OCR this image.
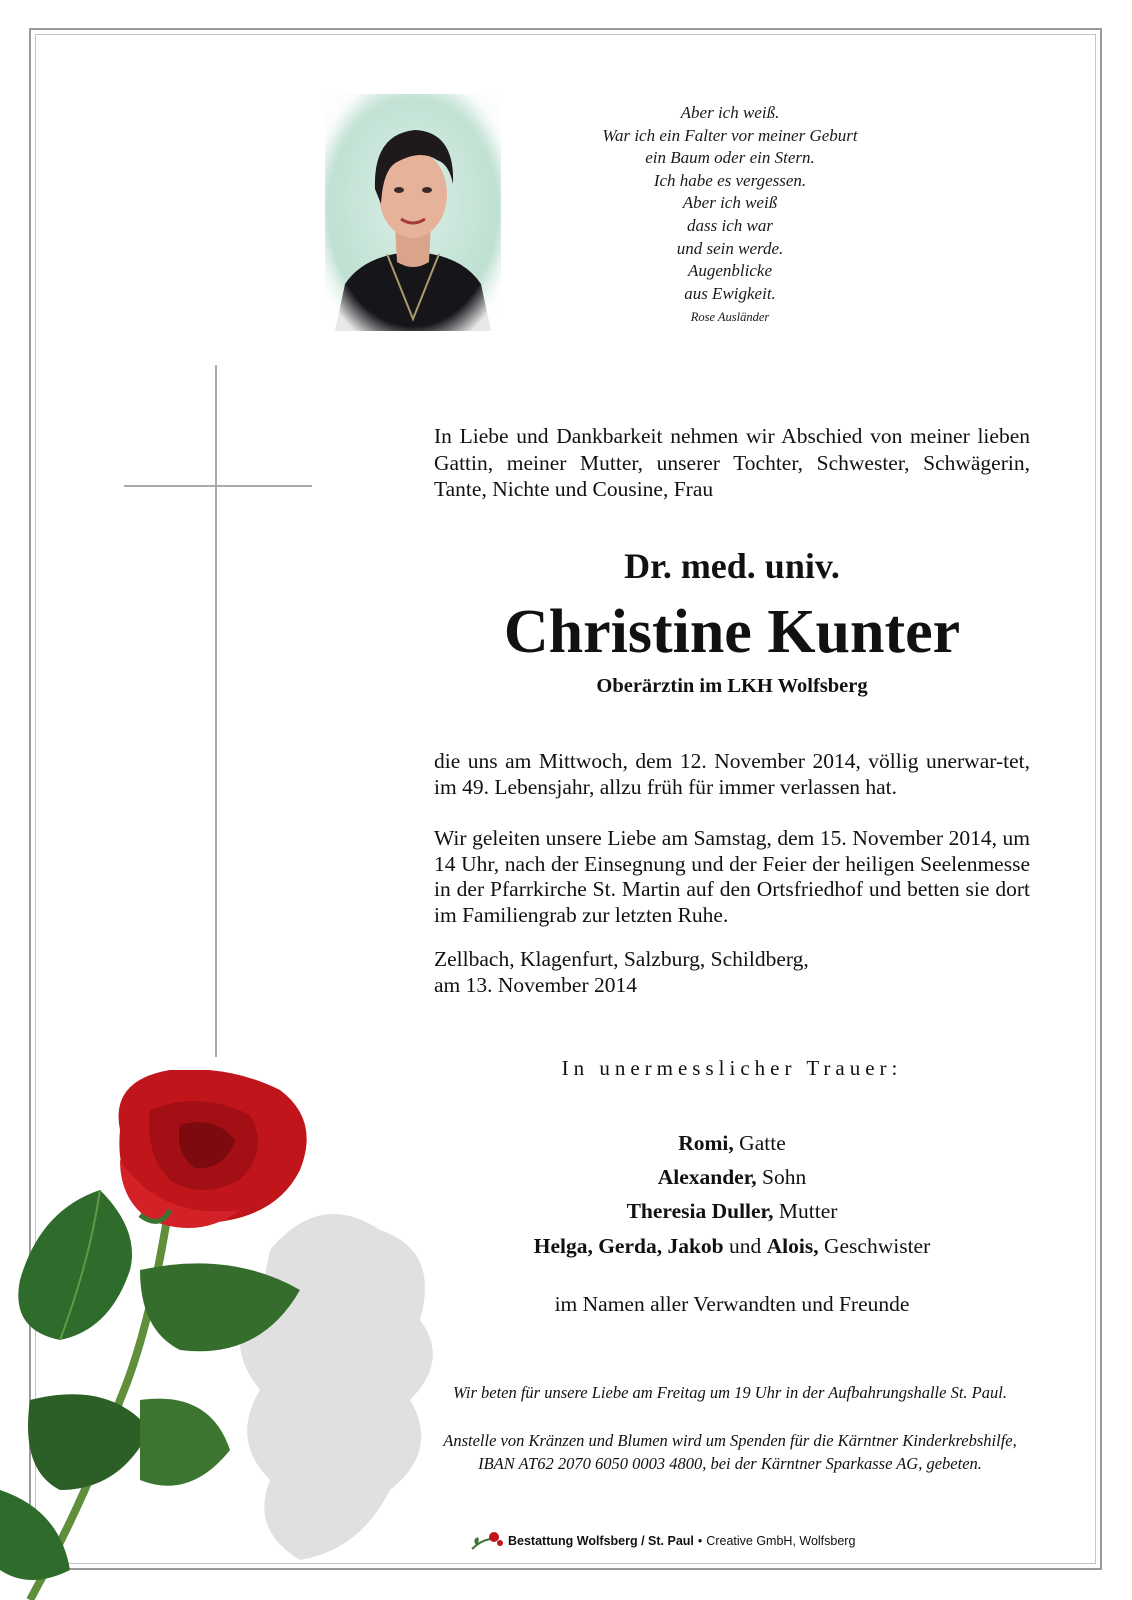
Aber ich weiß.
War ich ein Falter vor meiner Geburt
ein Baum oder ein Stern.
Ich habe es vergessen.
Aber ich weiß
dass ich war
und sein werde.
Augenblicke
aus Ewigkeit.
Rose Ausländer
In Liebe und Dankbarkeit nehmen wir Abschied von meiner lieben Gattin, meiner Mutter, unserer Tochter, Schwester, Schwägerin, Tante, Nichte und Cousine, Frau
Dr. med. univ.
Christine Kunter
Oberärztin im LKH Wolfsberg
die uns am Mittwoch, dem 12. November 2014, völlig unerwar-tet, im 49. Lebensjahr, allzu früh für immer verlassen hat.
Wir geleiten unsere Liebe am Samstag, dem 15. November 2014, um 14 Uhr, nach der Einsegnung und der Feier der heiligen Seelenmesse in der Pfarrkirche St. Martin auf den Ortsfriedhof und betten sie dort im Familiengrab zur letzten Ruhe.
Zellbach, Klagenfurt, Salzburg, Schildberg,
am 13. November 2014
In unermesslicher Trauer:
Romi, Gatte
Alexander, Sohn
Theresia Duller, Mutter
Helga, Gerda, Jakob und Alois, Geschwister
im Namen aller Verwandten und Freunde
Wir beten für unsere Liebe am Freitag um 19 Uhr in der Aufbahrungshalle St. Paul.
Anstelle von Kränzen und Blumen wird um Spenden für die Kärntner Kinderkrebshilfe,
IBAN AT62 2070 6050 0003 4800, bei der Kärntner Sparkasse AG, gebeten.
Bestattung Wolfsberg / St. Paul • Creative GmbH, Wolfsberg
